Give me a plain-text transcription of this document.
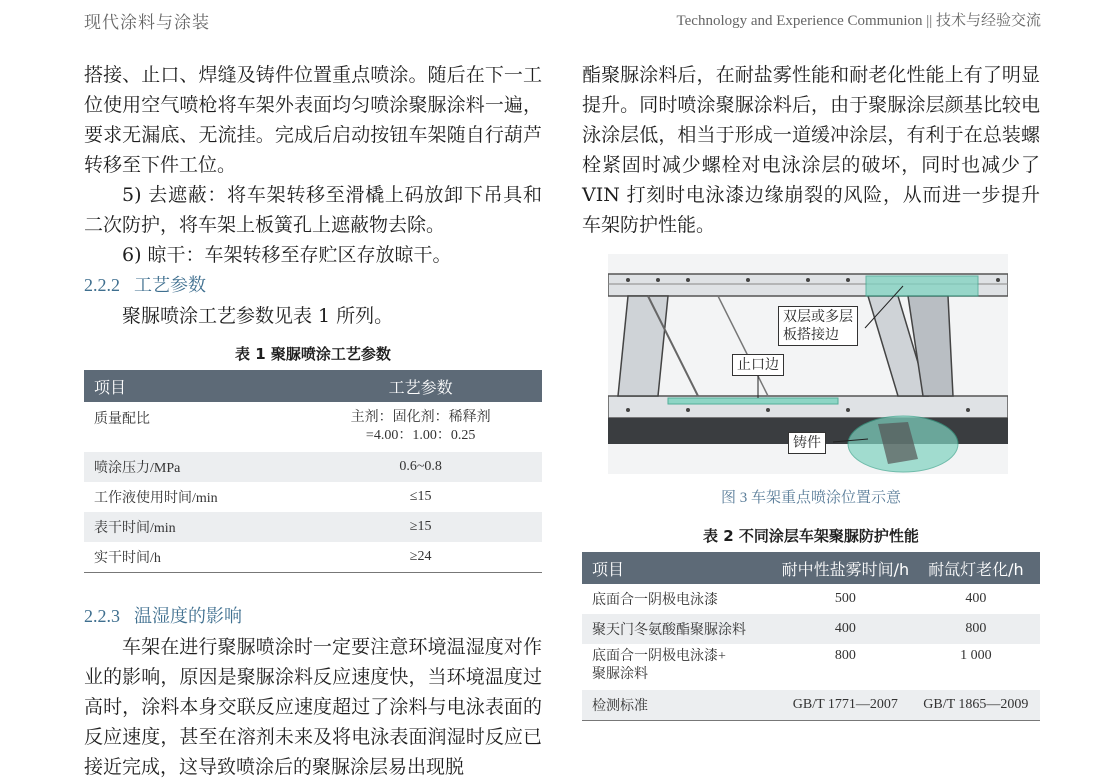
现代涂料与涂装	Technology and Experience Communion || 技术与经验交流

搭接、止口、焊缝及铸件位置重点喷涂。随后在下一工位使用空气喷枪将车架外表面均匀喷涂聚脲涂料一遍，要求无漏底、无流挂。完成后启动按钮车架随自行葫芦转移至下件工位。

5) 去遮蔽：将车架转移至滑橇上码放卸下吊具和二次防护，将车架上板簧孔上遮蔽物去除。

6) 晾干：车架转移至存贮区存放晾干。

2.2.2 工艺参数

聚脲喷涂工艺参数见表 1 所列。

表 1 聚脲喷涂工艺参数
项目	工艺参数
质量配比	主剂：固化剂：稀释剂
=4.00：1.00：0.25
喷涂压力/MPa	0.6~0.8
工作液使用时间/min	≤15
表干时间/min	≥15
实干时间/h	≥24

2.2.3 温湿度的影响

车架在进行聚脲喷涂时一定要注意环境温湿度对作业的影响，原因是聚脲涂料反应速度快，当环境温度过高时，涂料本身交联反应速度超过了涂料与电泳表面的反应速度，甚至在溶剂未来及将电泳表面润湿时反应已接近完成，这导致喷涂后的聚脲涂层易出现脱

酯聚脲涂料后，在耐盐雾性能和耐老化性能上有了明显提升。同时喷涂聚脲涂料后，由于聚脲涂层颜基比较电泳涂层低，相当于形成一道缓冲涂层，有利于在总装螺栓紧固时减少螺栓对电泳涂层的破坏，同时也减少了 VIN 打刻时电泳漆边缘崩裂的风险，从而进一步提升车架防护性能。

双层或多层
板搭接边
止口边
铸件
图 3 车架重点喷涂位置示意
表 2 不同涂层车架聚脲防护性能
项目	耐中性盐雾时间/h	耐氙灯老化/h
底面合一阴极电泳漆	500	400
聚天门冬氨酸酯聚脲涂料	400	800
底面合一阴极电泳漆+
聚脲涂料	800	1 000
检测标准	GB/T 1771—2007	GB/T 1865—2009
